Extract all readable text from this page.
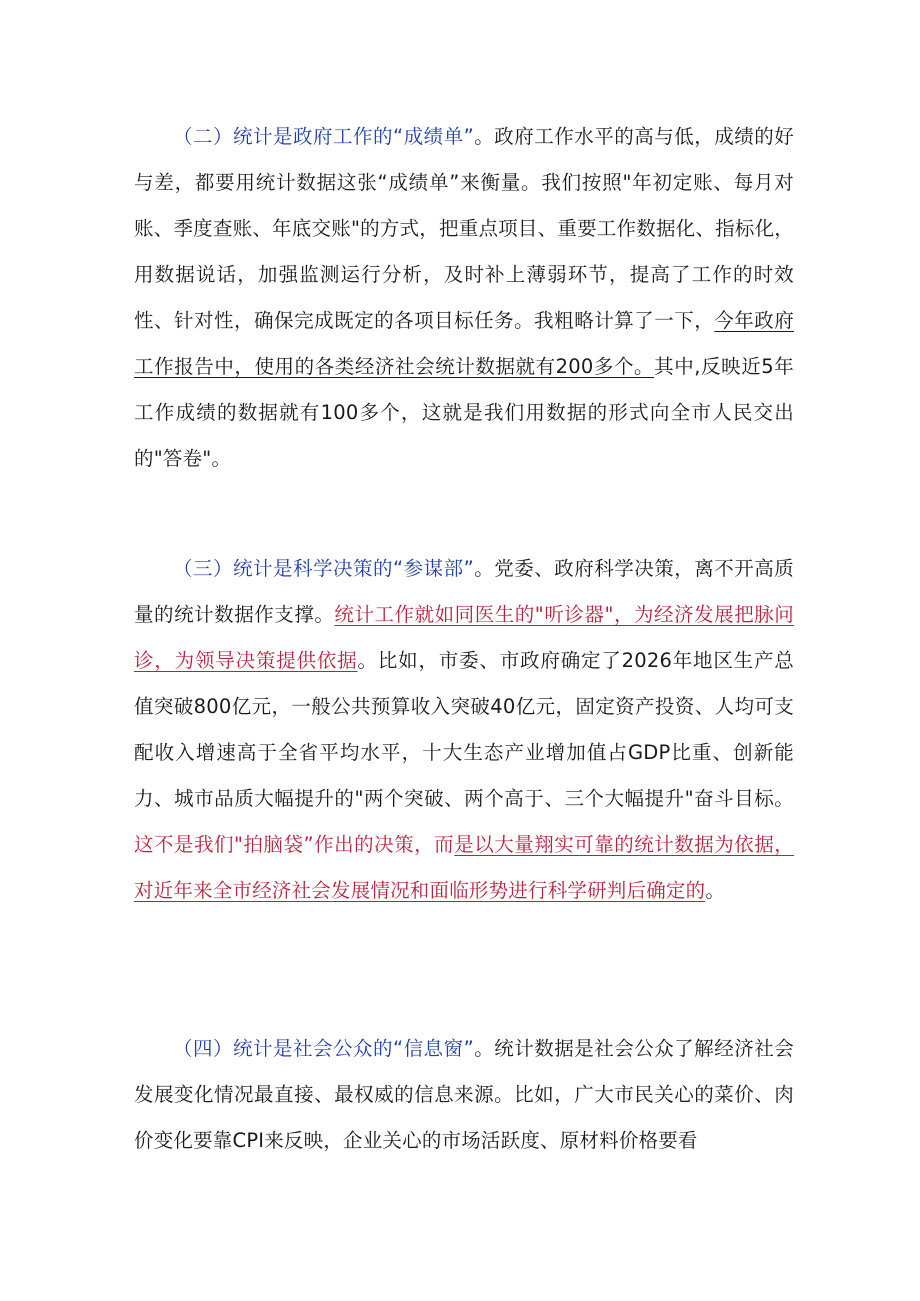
（二）统计是政府工作的“成绩单”。政府工作水平的高与低，成绩的好与差，都要用统计数据这张“成绩单”来衡量。我们按照"年初定账、每月对账、季度查账、年底交账"的方式，把重点项目、重要工作数据化、指标化，用数据说话，加强监测运行分析，及时补上薄弱环节，提高了工作的时效性、针对性，确保完成既定的各项目标任务。我粗略计算了一下，今年政府工作报告中，使用的各类经济社会统计数据就有200多个。其中,反映近5年工作成绩的数据就有100多个，这就是我们用数据的形式向全市人民交出的"答卷"。

（三）统计是科学决策的“参谋部”。党委、政府科学决策，离不开高质量的统计数据作支撑。统计工作就如同医生的"听诊器"，为经济发展把脉问诊，为领导决策提供依据。比如，市委、市政府确定了2026年地区生产总值突破800亿元，一般公共预算收入突破40亿元，固定资产投资、人均可支配收入增速高于全省平均水平，十大生态产业增加值占GDP比重、创新能力、城市品质大幅提升的"两个突破、两个高于、三个大幅提升"奋斗目标。这不是我们"拍脑袋”作出的决策，而是以大量翔实可靠的统计数据为依据，对近年来全市经济社会发展情况和面临形势进行科学研判后确定的。

（四）统计是社会公众的“信息窗”。统计数据是社会公众了解经济社会发展变化情况最直接、最权威的信息来源。比如，广大市民关心的菜价、肉价变化要靠CPI来反映，企业关心的市场活跃度、原材料价格要看
